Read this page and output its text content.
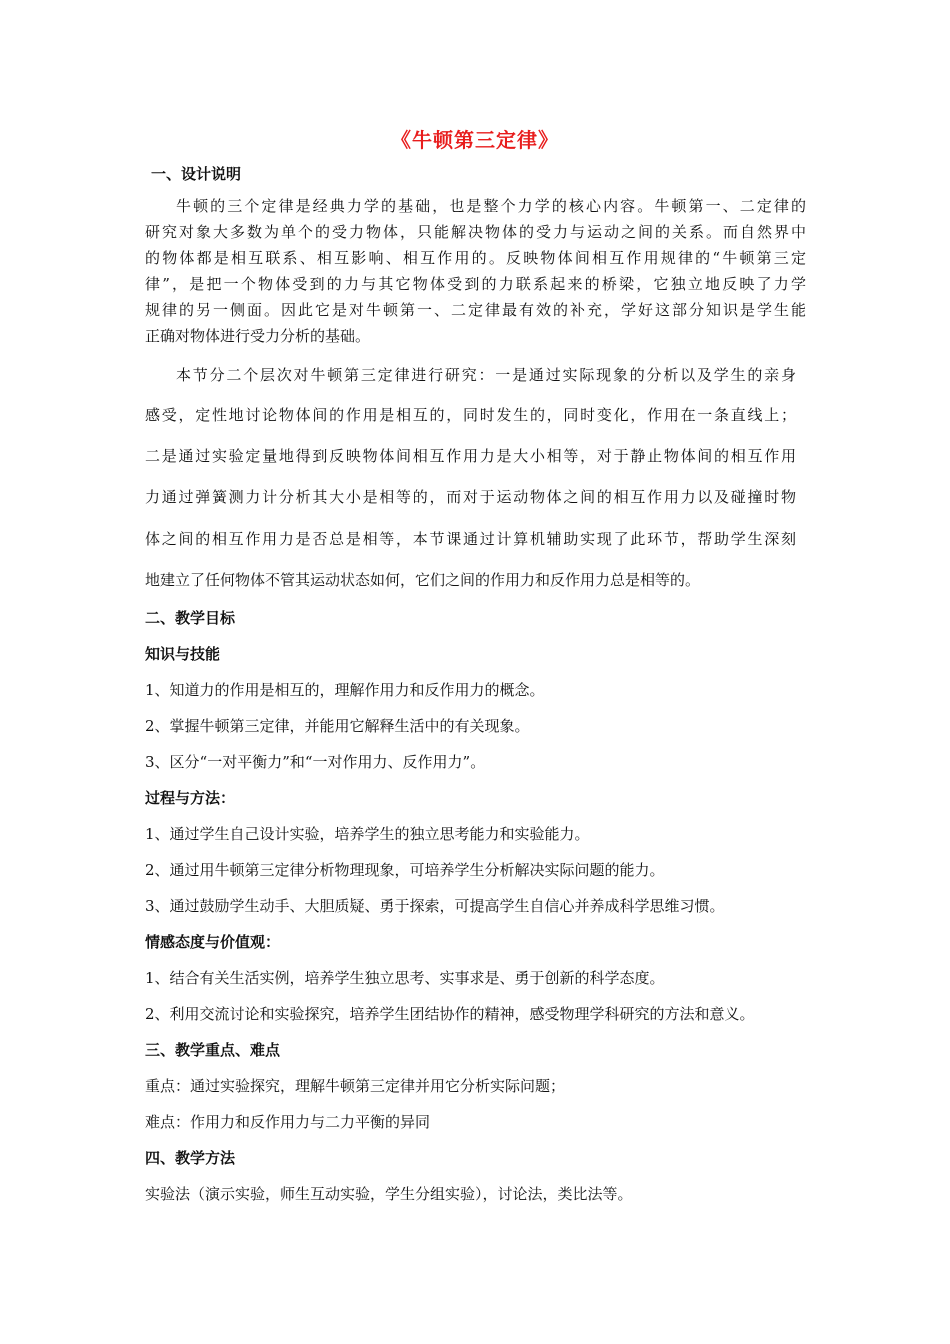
《牛顿第三定律》
一、设计说明
牛顿的三个定律是经典力学的基础，也是整个力学的核心内容。牛顿第一、二定律的
研究对象大多数为单个的受力物体，只能解决物体的受力与运动之间的关系。而自然界中
的物体都是相互联系、相互影响、相互作用的。反映物体间相互作用规律的“牛顿第三定
律”，是把一个物体受到的力与其它物体受到的力联系起来的桥梁，它独立地反映了力学
规律的另一侧面。因此它是对牛顿第一、二定律最有效的补充，学好这部分知识是学生能
正确对物体进行受力分析的基础。
本节分二个层次对牛顿第三定律进行研究：一是通过实际现象的分析以及学生的亲身
感受，定性地讨论物体间的作用是相互的，同时发生的，同时变化，作用在一条直线上；
二是通过实验定量地得到反映物体间相互作用力是大小相等，对于静止物体间的相互作用
力通过弹簧测力计分析其大小是相等的，而对于运动物体之间的相互作用力以及碰撞时物
体之间的相互作用力是否总是相等，本节课通过计算机辅助实现了此环节，帮助学生深刻
地建立了任何物体不管其运动状态如何，它们之间的作用力和反作用力总是相等的。
二、教学目标
知识与技能
1、知道力的作用是相互的，理解作用力和反作用力的概念。
2、掌握牛顿第三定律，并能用它解释生活中的有关现象。
3、区分“一对平衡力”和“一对作用力、反作用力”。
过程与方法：
1、通过学生自己设计实验，培养学生的独立思考能力和实验能力。
2、通过用牛顿第三定律分析物理现象，可培养学生分析解决实际问题的能力。
3、通过鼓励学生动手、大胆质疑、勇于探索，可提高学生自信心并养成科学思维习惯。
情感态度与价值观：
1、结合有关生活实例，培养学生独立思考、实事求是、勇于创新的科学态度。
2、利用交流讨论和实验探究，培养学生团结协作的精神，感受物理学科研究的方法和意义。
三、教学重点、难点
重点：通过实验探究，理解牛顿第三定律并用它分析实际问题；
难点：作用力和反作用力与二力平衡的异同
四、教学方法
实验法（演示实验，师生互动实验，学生分组实验），讨论法，类比法等。
